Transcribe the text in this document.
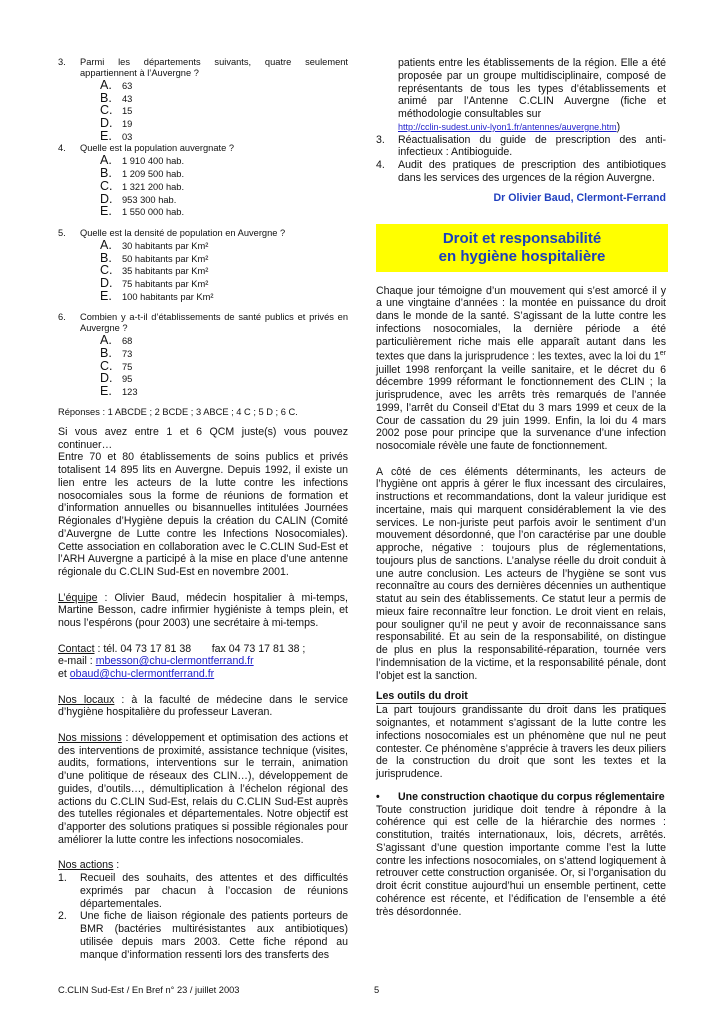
3.	Parmi les départements suivants, quatre seulement appartiennent à l’Auvergne ?
A.	63
B.	43
C.	15
D.	19
E.	03
4.	Quelle est la population auvergnate ?
A.	1 910 400 hab.
B.	1 209 500 hab.
C.	1 321 200 hab.
D.	953 300 hab.
E.	1 550 000 hab.
5.	Quelle est la densité de population en Auvergne ?
A.	30 habitants par Km²
B.	50 habitants par Km²
C.	35 habitants par Km²
D.	75 habitants par Km²
E.	100 habitants par Km²
6.	Combien y a-t-il d’établissements de santé publics et privés en Auvergne ?
A.	68
B.	73
C.	75
D.	95
E.	123
Réponses : 1 ABCDE ; 2 BCDE ; 3 ABCE ; 4 C ; 5 D ; 6 C.
Si vous avez entre 1 et 6 QCM juste(s) vous pouvez continuer…
Entre 70 et 80 établissements de soins publics et privés totalisent 14 895 lits en Auvergne. Depuis 1992, il existe un lien entre les acteurs de la lutte contre les infections nosocomiales sous la forme de réunions de formation et d’information annuelles ou bisannuelles intitulées Journées Régionales d’Hygiène depuis la création du CALIN (Comité d’Auvergne de Lutte contre les Infections Nosocomiales). Cette association en collaboration avec le C.CLIN Sud-Est et l’ARH Auvergne a participé à la mise en place d’une antenne régionale du C.CLIN Sud-Est en novembre 2001.
L’équipe : Olivier Baud, médecin hospitalier à mi-temps, Martine Besson, cadre infirmier hygiéniste à temps plein, et nous l’espérons (pour 2003) une secrétaire à mi-temps.
Contact : tél. 04 73 17 81 38       fax 04 73 17 81 38 ;
e-mail : mbesson@chu-clermontferrand.fr
et obaud@chu-clermontferrand.fr
Nos locaux : à la faculté de médecine dans le service d’hygiène hospitalière du professeur Laveran.
Nos missions : développement et optimisation des actions et des interventions de proximité, assistance technique (visites, audits, formations, interventions sur le terrain, animation d’une politique de réseaux des CLIN…), développement de guides, d’outils…, démultiplication à l’échelon régional des actions du C.CLIN Sud-Est, relais du C.CLIN Sud-Est auprès des tutelles régionales et départementales. Notre objectif est d’apporter des solutions pratiques si possible régionales pour améliorer la lutte contre les infections nosocomiales.
Nos actions :
1.	Recueil des souhaits, des attentes et des difficultés exprimés par chacun à l’occasion de réunions départementales.
2.	Une fiche de liaison régionale des patients porteurs de BMR (bactéries multirésistantes aux antibiotiques) utilisée depuis mars 2003. Cette fiche répond au manque d’information ressenti lors des transferts des
patients entre les établissements de la région. Elle a été proposée par un groupe multidisciplinaire, composé de représentants de tous les types d’établissements et animé par l’Antenne C.CLIN Auvergne (fiche et méthodologie consultables sur
http://cclin-sudest.univ-lyon1.fr/antennes/auvergne.htm)
3.	Réactualisation du guide de prescription des anti-infectieux : Antibioguide.
4.	Audit des pratiques de prescription des antibiotiques dans les services des urgences de la région Auvergne.
Dr Olivier Baud, Clermont-Ferrand
Droit et responsabilité
en hygiène hospitalière
Chaque jour témoigne d’un mouvement qui s’est amorcé il y a une vingtaine d’années : la montée en puissance du droit dans le monde de la santé. S’agissant de la lutte contre les infections nosocomiales, la dernière période a été particulièrement riche mais elle apparaît autant dans les textes que dans la jurisprudence : les textes, avec la loi du 1er juillet 1998 renforçant la veille sanitaire, et le décret du 6 décembre 1999 réformant le fonctionnement des CLIN ; la jurisprudence, avec les arrêts très remarqués de l’année 1999, l’arrêt du Conseil d’Etat du 3 mars 1999 et ceux de la Cour de cassation du 29 juin 1999. Enfin, la loi du 4 mars 2002 pose pour principe que la survenance d’une infection nosocomiale révèle une faute de fonctionnement.
A côté de ces éléments déterminants, les acteurs de l’hygiène ont appris à gérer le flux incessant des circulaires, instructions et recommandations, dont la valeur juridique est incertaine, mais qui marquent considérablement la vie des services. Le non-juriste peut parfois avoir le sentiment d’un mouvement désordonné, que l’on caractérise par une double approche, négative : toujours plus de réglementations, toujours plus de sanctions. L’analyse réelle du droit conduit à une autre conclusion. Les acteurs de l’hygiène se sont vus reconnaître au cours des dernières décennies un authentique statut au sein des établissements. Ce statut leur a permis de mieux faire reconnaître leur fonction. Le droit vient en relais, pour souligner qu’il ne peut y avoir de reconnaissance sans responsabilité. Et au sein de la responsabilité, on distingue de plus en plus la responsabilité-réparation, tournée vers l’indemnisation de la victime, et la responsabilité pénale, dont l’objet est la sanction.
Les outils du droit
La part toujours grandissante du droit dans les pratiques soignantes, et notamment s’agissant de la lutte contre les infections nosocomiales est un phénomène que nul ne peut contester. Ce phénomène s’apprécie à travers les deux piliers de la construction du droit que sont les textes et la jurisprudence.
•	Une construction chaotique du corpus réglementaire
Toute construction juridique doit tendre à répondre à la cohérence qui est celle de la hiérarchie des normes : constitution, traités internationaux, lois, décrets, arrêtés. S’agissant d’une question importante comme l’est la lutte contre les infections nosocomiales, on s’attend logiquement à retrouver cette construction organisée. Or, si l’organisation du droit écrit constitue aujourd’hui un ensemble pertinent, cette cohérence est récente, et l’édification de l’ensemble a été très désordonnée.
C.CLIN Sud-Est / En Bref n° 23 / juillet 2003	5
